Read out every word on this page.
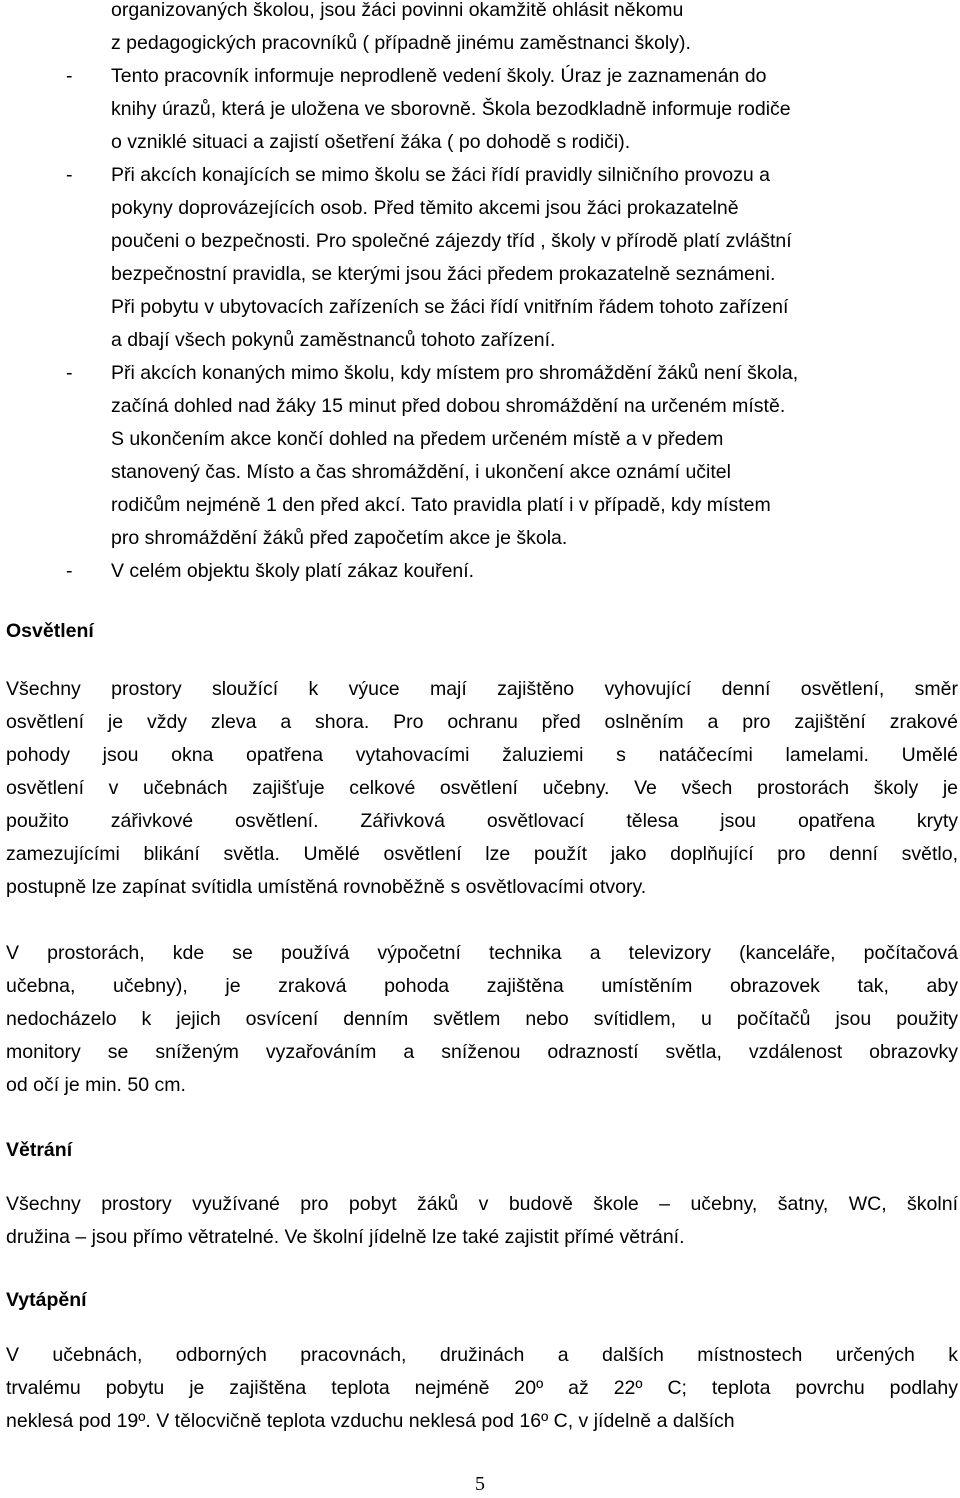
organizovaných školou, jsou žáci povinni okamžitě ohlásit někomu
z pedagogických pracovníků ( případně jinému zaměstnanci školy).
- Tento pracovník informuje neprodleně vedení školy. Úraz je zaznamenán do
knihy úrazů, která je uložena ve sborovně. Škola bezodkladně informuje rodiče
o vzniklé situaci a zajistí ošetření žáka ( po dohodě s rodiči).
- Při akcích konajících se mimo školu se žáci řídí pravidly silničního provozu a
pokyny doprovázejících osob. Před těmito akcemi jsou žáci prokazatelně
poučeni o bezpečnosti. Pro společné zájezdy tříd , školy v přírodě platí zvláštní
bezpečnostní pravidla, se kterými jsou žáci předem prokazatelně seznámeni.
Při pobytu v ubytovacích zařízeních se žáci řídí vnitřním řádem tohoto zařízení
a dbají všech pokynů zaměstnanců tohoto zařízení.
- Při akcích konaných mimo školu, kdy místem pro shromáždění žáků není škola,
začíná dohled nad žáky 15 minut před dobou shromáždění na určeném místě.
S ukončením akce končí dohled na předem určeném místě a v předem
stanovený čas. Místo a čas shromáždění, i ukončení akce oznámí učitel
rodičům nejméně 1 den před akcí. Tato pravidla platí i v případě, kdy místem
pro shromáždění žáků před započetím akce je škola.
- V celém objektu školy platí zákaz kouření.
Osvětlení
Všechny prostory sloužící k výuce mají zajištěno vyhovující denní osvětlení, směr
osvětlení je vždy zleva a shora. Pro ochranu před oslněním a pro zajištění zrakové
pohody jsou okna opatřena vytahovacími žaluziemi s natáčecími lamelami. Umělé
osvětlení v učebnách zajišťuje celkové osvětlení učebny. Ve všech prostorách školy je
použito zářivkové osvětlení. Zářivková osvětlovací tělesa jsou opatřena kryty
zamezujícími blikání světla. Umělé osvětlení lze použít jako doplňující pro denní světlo,
postupně lze zapínat svítidla umístěná rovnoběžně s osvětlovacími otvory.
V prostorách, kde se používá výpočetní technika a televizory (kanceláře, počítačová
učebna, učebny), je zraková pohoda zajištěna umístěním obrazovek tak, aby
nedocházelo k jejich osvícení denním světlem nebo svítidlem, u počítačů jsou použity
monitory se sníženým vyzařováním a sníženou odrazností světla, vzdálenost obrazovky
od očí je min. 50 cm.
Větrání
Všechny prostory využívané pro pobyt žáků v budově škole – učebny, šatny, WC, školní
družina – jsou přímo větratelné. Ve školní jídelně lze také zajistit přímé větrání.
Vytápění
V učebnách, odborných pracovnách, družinách a dalších místnostech určených k
trvalému pobytu je zajištěna teplota nejméně 20º až 22º C; teplota povrchu podlahy
neklesá pod 19º. V tělocvičně teplota vzduchu neklesá pod 16º C, v jídelně a dalších
5
